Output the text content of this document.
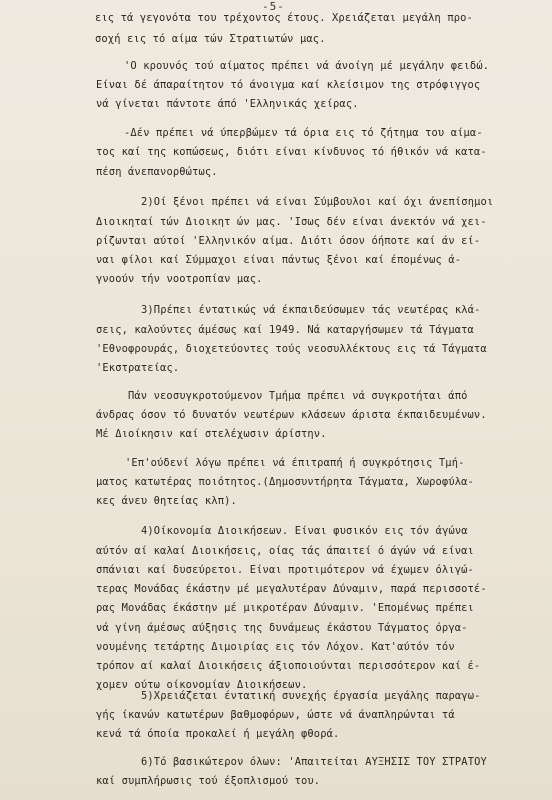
-5-
εις τά γεγονότα του τρέχοντος έτους. Χρειάζεται μεγάλη προ-
σοχή εις τό αίμα τών Στρατιωτών μας.
'Ο κρουνός τού αίματος πρέπει νά άνοίγη μέ μεγάλην φειδώ.
Είναι δέ άπαραίτητον τό άνοιγμα καί κλείσιμον της στρόφιγγος
νά γίνεται πάντοτε άπό 'Ελληνικάς χείρας.
-Δέν πρέπει νά ύπερβώμεν τά όρια εις τό ζήτημα του αίμα-
τος καί της κοπώσεως, διότι είναι κίνδυνος τό ήθικόν νά κατα-
πέση άνεπανορθώτως.
2)Οί ξένοι πρέπει νά είναι Σύμβουλοι καί όχι άνεπίσημοι
Διοικηταί τών Διοικητ ών μας. 'Ισως δέν είναι άνεκτόν νά χει-
ρίζωνται αύτοί 'Ελληνικόν αίμα. Διότι όσον όήποτε καί άν εί-
ναι φίλοι καί Σύμμαχοι είναι πάντως ξένοι καί έπομένως ά-
γνοούν τήν νοοτροπίαν μας.
3)Πρέπει έντατικώς νά έκπαιδεύσωμεν τάς νεωτέρας κλά-
σεις, καλούντες άμέσως καί 1949. Νά καταργήσωμεν τά Τάγματα
'Εθνοφρουράς, διοχετεύοντες τούς νεοσυλλέκτους εις τά Τάγματα
'Εκστρατείας.
Πάν νεοσυγκροτούμενον Τμήμα πρέπει νά συγκροτήται άπό
άνδρας όσον τό δυνατόν νεωτέρων κλάσεων άριστα έκπαιδευμένων.
Μέ Διοίκησιν καί στελέχωσιν άρίστην.
'Επ'ούδενί λόγω πρέπει νά έπιτραπή ή συγκρότησις Τμή-
ματος κατωτέρας ποιότητος.(Δημοσυντήρητα Τάγματα, Χωροφύλα-
κες άνευ θητείας κλπ).
4)Οίκονομία Διοικήσεων. Είναι φυσικόν εις τόν άγώνα
αύτόν αί καλαί Διοικήσεις, οίας τάς άπαιτεί ό άγών νά είναι
σπάνιαι καί δυσεύρετοι. Είναι προτιμότερον νά έχωμεν όλιγώ-
τερας Μονάδας έκάστην μέ μεγαλυτέραν Δύναμιν, παρά περισσοτέ-
ρας Μονάδας έκάστην μέ μικροτέραν Δύναμιν. 'Επομένως πρέπει
νά γίνη άμέσως αύξησις της δυνάμεως έκάστου Τάγματος όργα-
νουμένης τετάρτης Διμοιρίας εις τόν Λόχον. Κατ'αύτόν τόν
τρόπον αί καλαί Διοικήσεις άξιοποιούνται περισσότερον καί έ-
χομεν ούτω οίκονομίαν Διοικήσεων.
5)Χρειάζεται έντατική συνεχής έργασία μεγάλης παραγω-
γής ίκανών κατωτέρων βαθμοφόρων, ώστε νά άναπληρώνται τά
κενά τά όποία προκαλεί ή μεγάλη φθορά.
6)Τό βασικώτερον όλων: 'Απαιτείται ΑΥΞΗΣΙΣ ΤΟΥ ΣΤΡΑΤΟΥ
καί συμπλήρωσις τού έξοπλισμού του.
